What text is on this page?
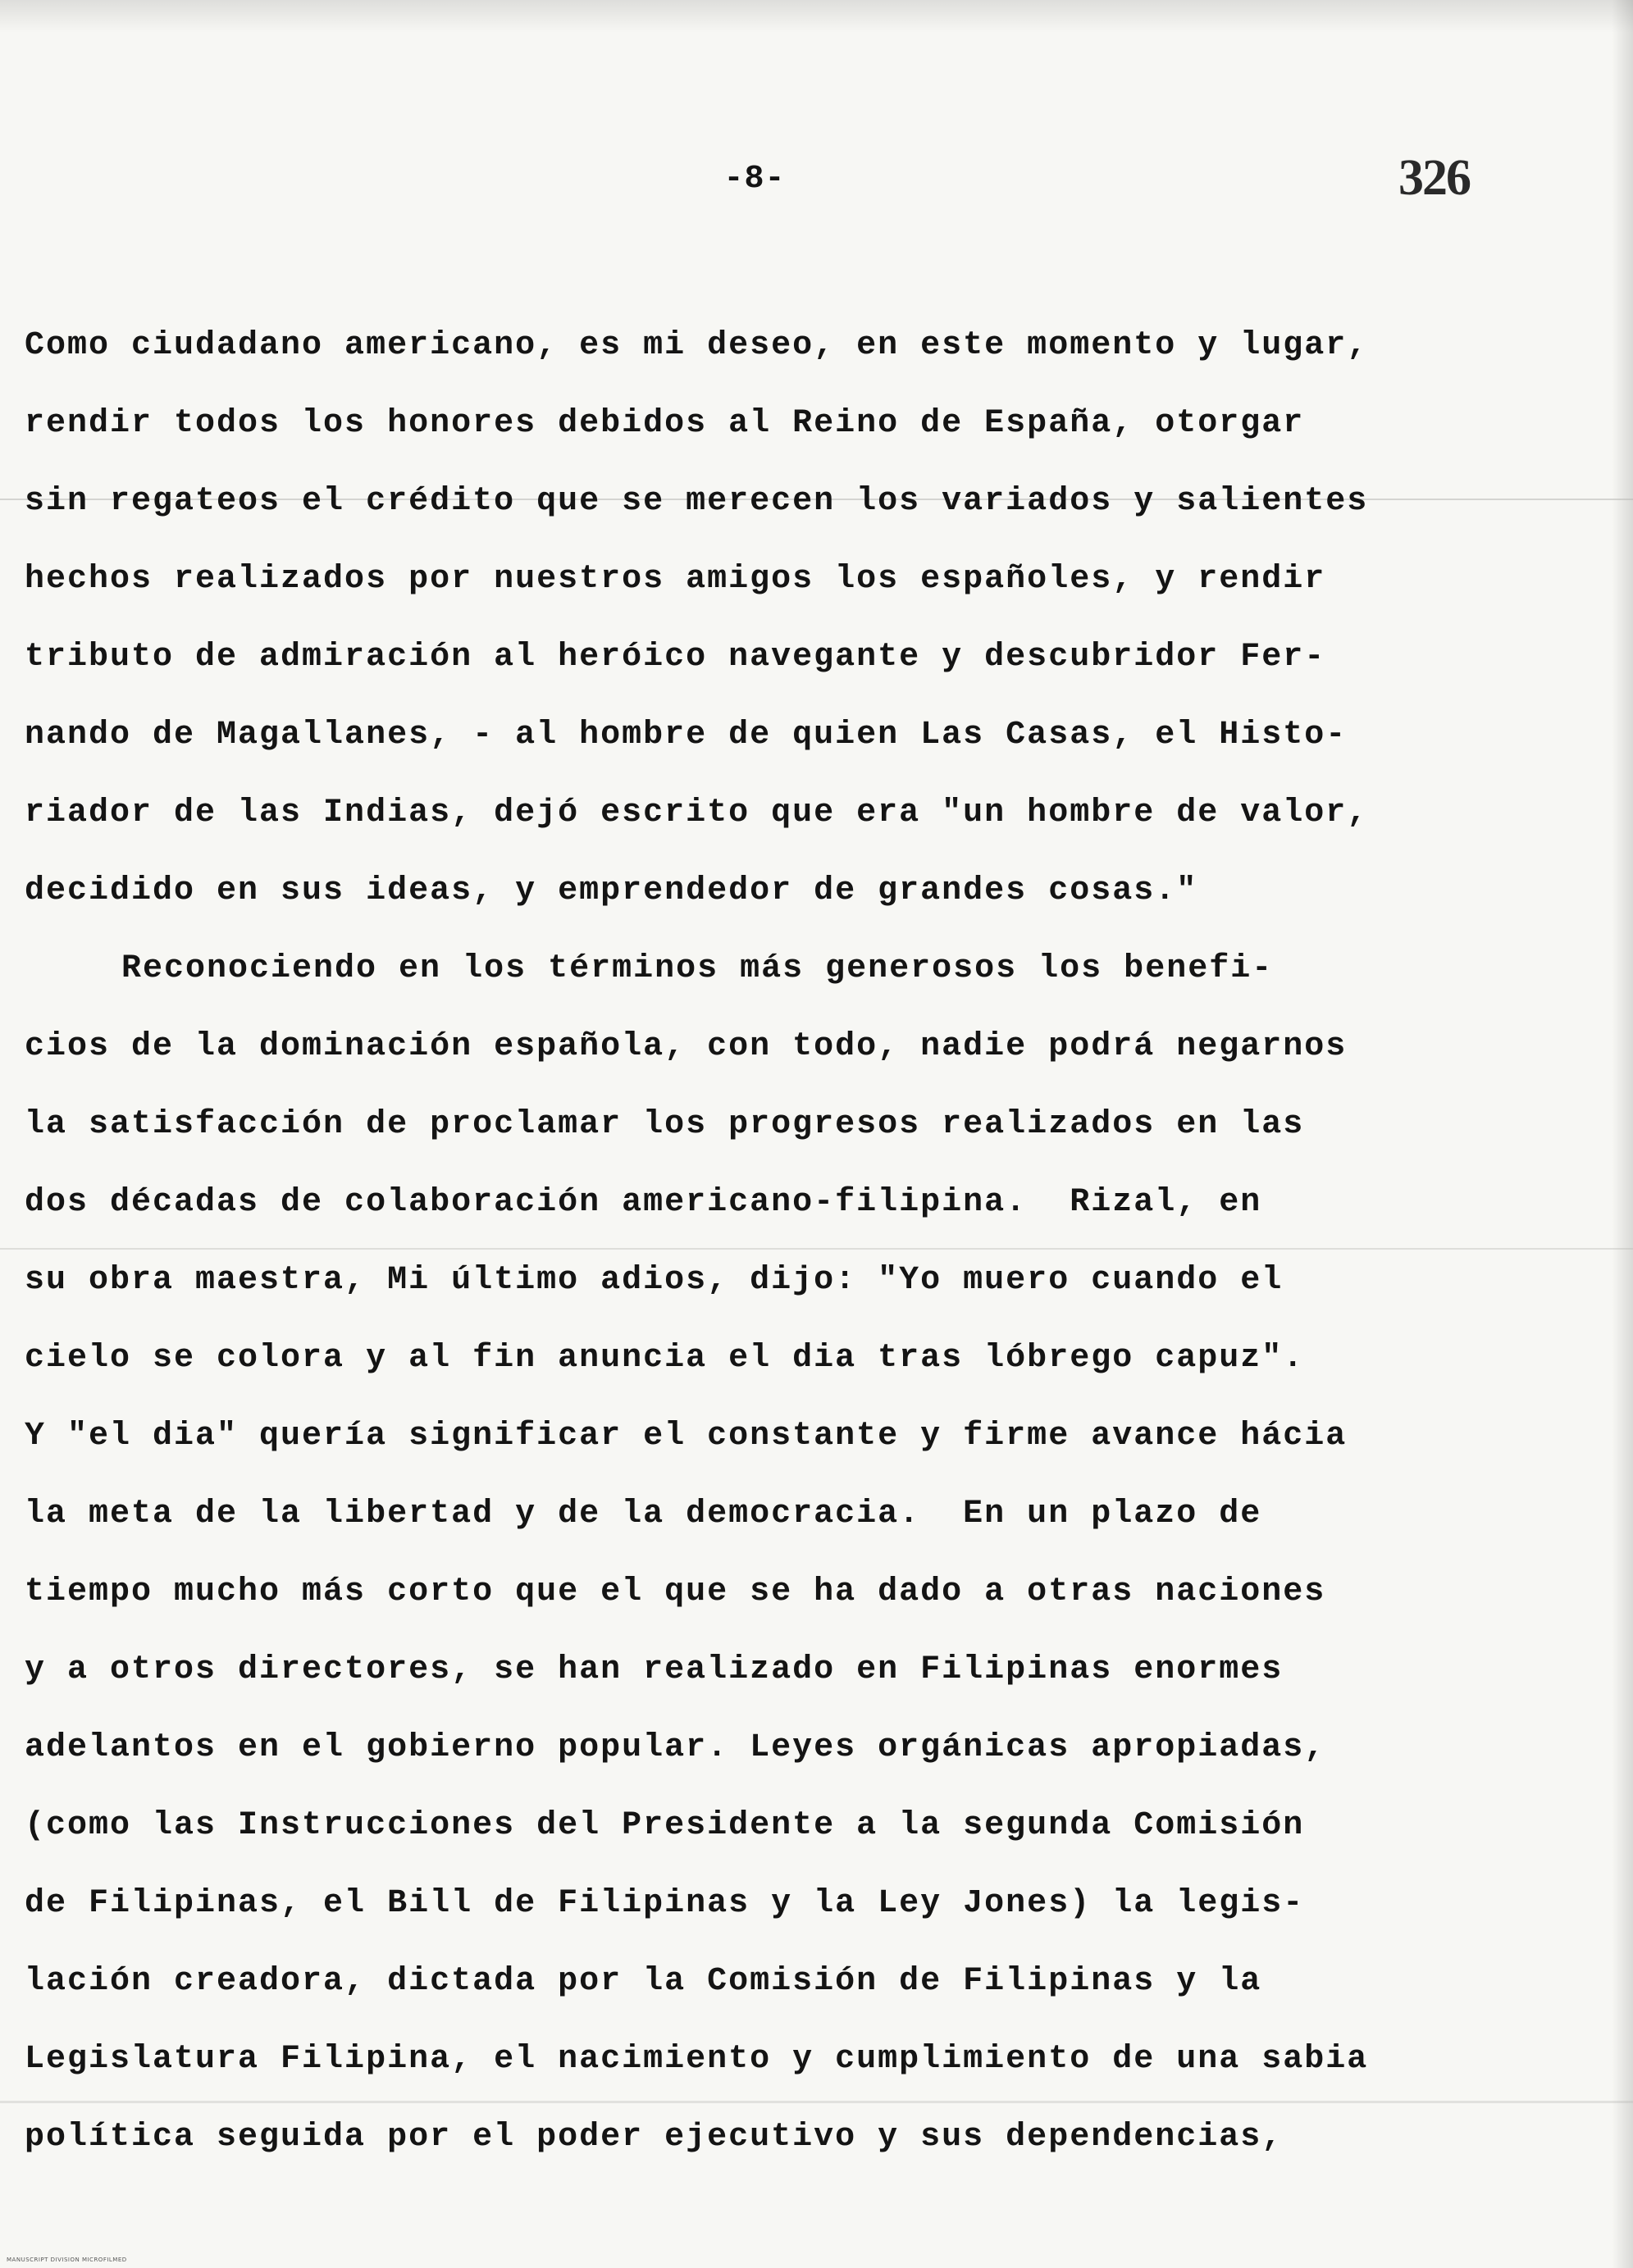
-8-	326
Como ciudadano americano, es mi deseo, en este momento y lugar,
rendir todos los honores debidos al Reino de España, otorgar
sin regateos el crédito que se merecen los variados y salientes
hechos realizados por nuestros amigos los españoles, y rendir
tributo de admiración al heróico navegante y descubridor Fer-
nando de Magallanes, - al hombre de quien Las Casas, el Histo-
riador de las Indias, dejó escrito que era "un hombre de valor,
decidido en sus ideas, y emprendedor de grandes cosas."
Reconociendo en los términos más generosos los benefi-
cios de la dominación española, con todo, nadie podrá negarnos
la satisfacción de proclamar los progresos realizados en las
dos décadas de colaboración americano-filipina.  Rizal, en
su obra maestra, Mi último adios, dijo: "Yo muero cuando el
cielo se colora y al fin anuncia el dia tras lóbrego capuz".
Y "el dia" quería significar el constante y firme avance hácia
la meta de la libertad y de la democracia.  En un plazo de
tiempo mucho más corto que el que se ha dado a otras naciones
y a otros directores, se han realizado en Filipinas enormes
adelantos en el gobierno popular. Leyes orgánicas apropiadas,
(como las Instrucciones del Presidente a la segunda Comisión
de Filipinas, el Bill de Filipinas y la Ley Jones) la legis-
lación creadora, dictada por la Comisión de Filipinas y la
Legislatura Filipina, el nacimiento y cumplimiento de una sabia
política seguida por el poder ejecutivo y sus dependencias,
MANUSCRIPT DIVISION MICROFILMED
